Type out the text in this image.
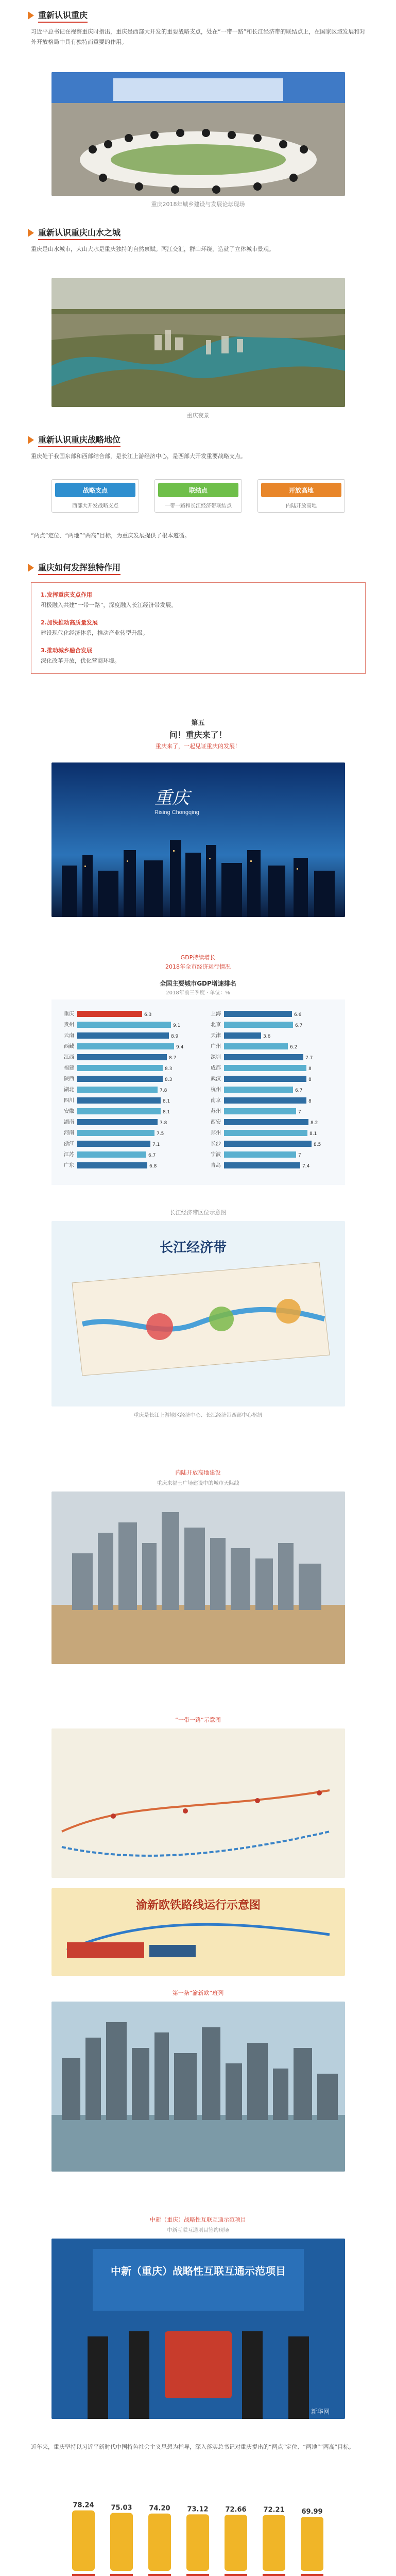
重新认识重庆
习近平总书记在视察重庆时指出，重庆是西部大开发的重要战略支点，处在“一带一路”和长江经济带的联结点上，在国家区域发展和对外开放格局中具有独特而重要的作用。
重庆2018年城乡建设与发展论坛现场
重新认识重庆山水之城
重庆是山水城市，大山大水是重庆独特的自然禀赋。两江交汇，群山环绕，造就了立体城市景观。
重庆夜景
重新认识重庆战略地位
重庆处于我国东部和西部结合部，是长江上游经济中心，是西部大开发重要战略支点。
战略支点
西部大开发战略支点
联结点
一带一路和长江经济带联结点
开放高地
内陆开放高地
“两点”定位、“两地”“两高”目标，为重庆发展提供了根本遵循。
重庆如何发挥独特作用
1.发挥重庆支点作用
积极融入共建“一带一路”，深度融入长江经济带发展。
2.加快推动高质量发展
建设现代化经济体系，推动产业转型升级。
3.推动城乡融合发展
深化改革开放，优化营商环境。
第五
问！重庆来了！
重庆来了，一起见证重庆的发展！
重庆
Rising Chongqing
GDP持续增长
2018年全市经济运行情况
全国主要城市GDP增速排名
2018年前三季度 · 单位：%
重庆	6.3
贵州	9.1
云南	8.9
西藏	9.4
江西	8.7
福建	8.3
陕西	8.3
湖北	7.8
四川	8.1
安徽	8.1
湖南	7.8
河南	7.5
浙江	7.1
江苏	6.7
广东	6.8
上海	6.6
北京	6.7
天津	3.6
广州	6.2
深圳	7.7
成都	8
武汉	8
杭州	6.7
南京	8
苏州	7
西安	8.2
郑州	8.1
长沙	8.5
宁波	7
青岛	7.4
长江经济带区位示意图
长江经济带
重庆是长江上游地区经济中心、长江经济带西部中心枢纽
内陆开放高地建设
重庆来福士广场建设中的城市天际线
“一带一路”示意图
渝新欧铁路线运行示意图
第一条“渝新欧”班列
中新（重庆）战略性互联互通示范项目
中新互联互通项目签约现场
中新（重庆）战略性互联互通示范项目
新华网
近年来，重庆坚持以习近平新时代中国特色社会主义思想为指导，深入落实总书记对重庆提出的“两点”定位、“两地”“两高”目标。
78.24	75.03	74.20	73.12	72.66	72.21	69.99
